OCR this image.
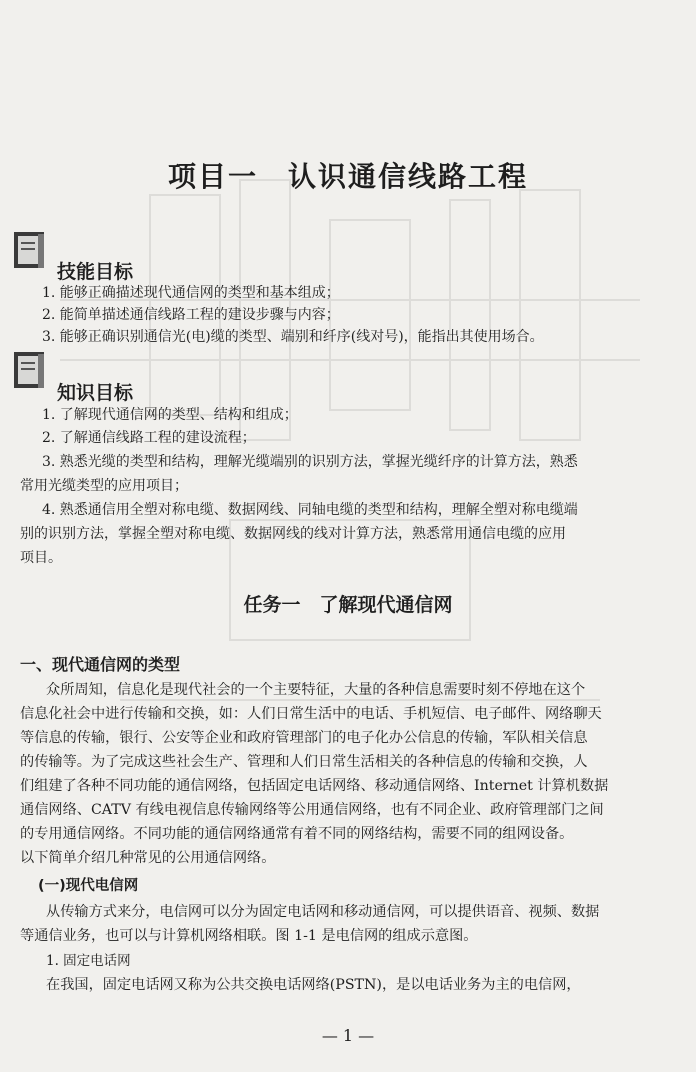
项目一　认识通信线路工程
技能目标
1. 能够正确描述现代通信网的类型和基本组成；
2. 能简单描述通信线路工程的建设步骤与内容；
3. 能够正确识别通信光(电)缆的类型、端别和纤序(线对号)，能指出其使用场合。
知识目标
1. 了解现代通信网的类型、结构和组成；
2. 了解通信线路工程的建设流程；
3. 熟悉光缆的类型和结构，理解光缆端别的识别方法，掌握光缆纤序的计算方法，熟悉
常用光缆类型的应用项目；
4. 熟悉通信用全塑对称电缆、数据网线、同轴电缆的类型和结构，理解全塑对称电缆端
别的识别方法，掌握全塑对称电缆、数据网线的线对计算方法，熟悉常用通信电缆的应用
项目。
任务一　了解现代通信网
一、现代通信网的类型
众所周知，信息化是现代社会的一个主要特征，大量的各种信息需要时刻不停地在这个
信息化社会中进行传输和交换，如：人们日常生活中的电话、手机短信、电子邮件、网络聊天
等信息的传输，银行、公安等企业和政府管理部门的电子化办公信息的传输，军队相关信息
的传输等。为了完成这些社会生产、管理和人们日常生活相关的各种信息的传输和交换，人
们组建了各种不同功能的通信网络，包括固定电话网络、移动通信网络、Internet 计算机数据
通信网络、CATV 有线电视信息传输网络等公用通信网络，也有不同企业、政府管理部门之间
的专用通信网络。不同功能的通信网络通常有着不同的网络结构，需要不同的组网设备。
以下简单介绍几种常见的公用通信网络。
(一)现代电信网
从传输方式来分，电信网可以分为固定电话网和移动通信网，可以提供语音、视频、数据
等通信业务，也可以与计算机网络相联。图 1-1 是电信网的组成示意图。
1. 固定电话网
在我国，固定电话网又称为公共交换电话网络(PSTN)，是以电话业务为主的电信网，
— 1 —
